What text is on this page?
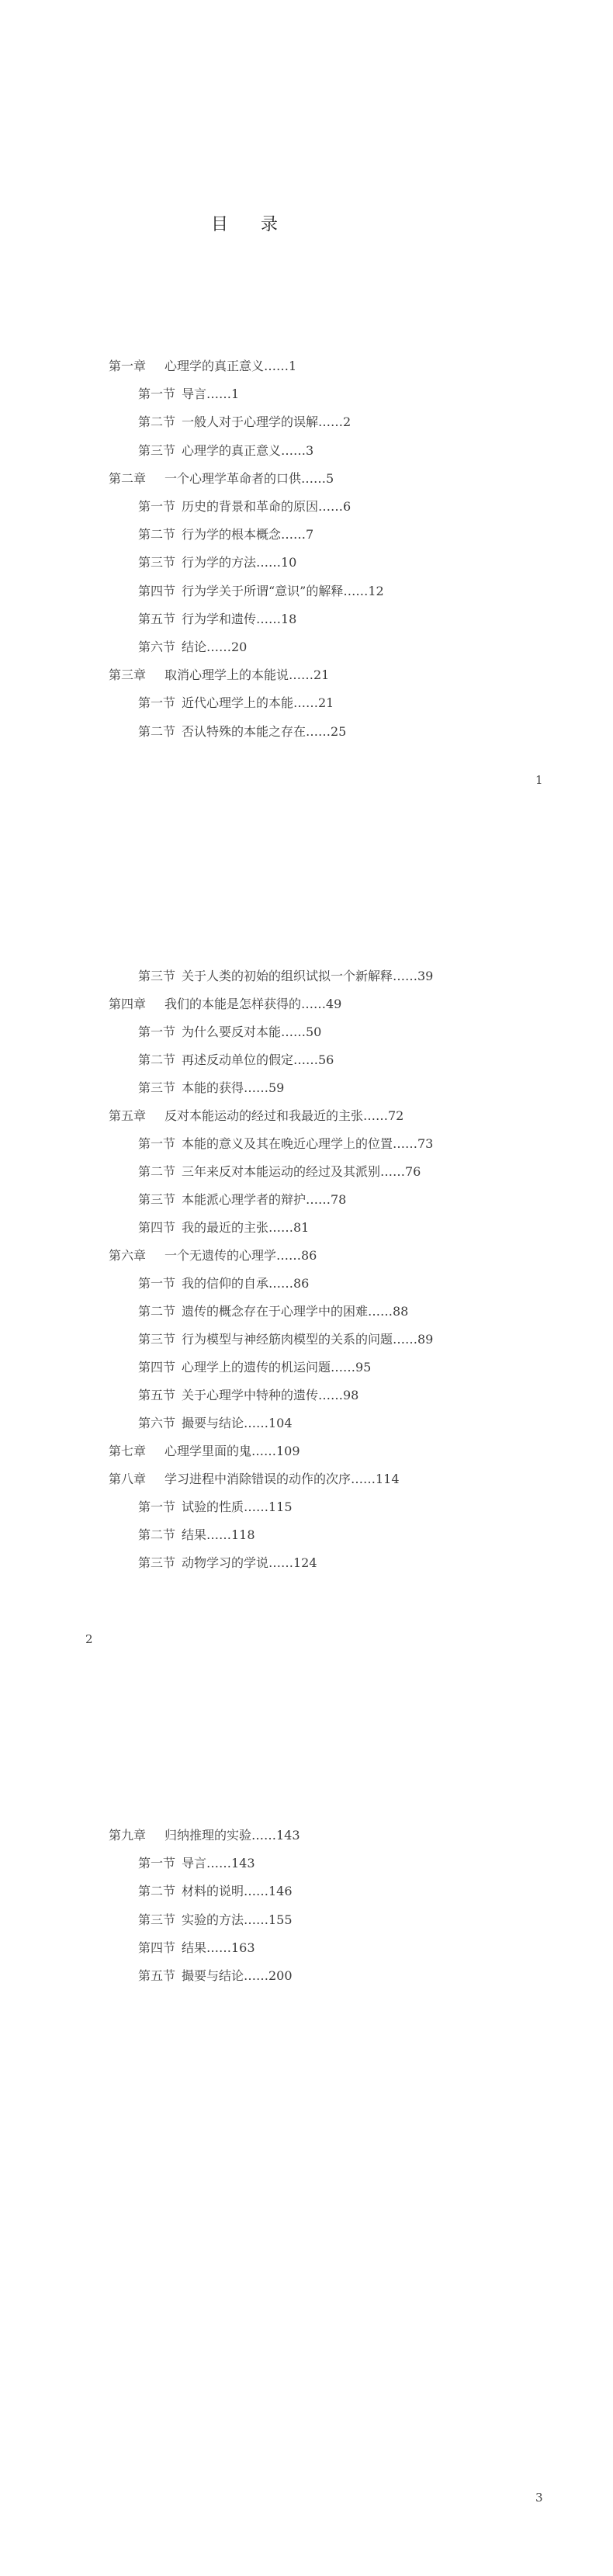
目　录
第一章 心理学的真正意义……1
第一节 导言……1
第二节 一般人对于心理学的误解……2
第三节 心理学的真正意义……3
第二章 一个心理学革命者的口供……5
第一节 历史的背景和革命的原因……6
第二节 行为学的根本概念……7
第三节 行为学的方法……10
第四节 行为学关于所谓“意识”的解释……12
第五节 行为学和遗传……18
第六节 结论……20
第三章 取消心理学上的本能说……21
第一节 近代心理学上的本能……21
第二节 否认特殊的本能之存在……25
第三节 关于人类的初始的组织试拟一个新解释……39
第四章 我们的本能是怎样获得的……49
第一节 为什么要反对本能……50
第二节 再述反动单位的假定……56
第三节 本能的获得……59
第五章 反对本能运动的经过和我最近的主张……72
第一节 本能的意义及其在晚近心理学上的位置……73
第二节 三年来反对本能运动的经过及其派别……76
第三节 本能派心理学者的辩护……78
第四节 我的最近的主张……81
第六章 一个无遗传的心理学……86
第一节 我的信仰的自承……86
第二节 遗传的概念存在于心理学中的困难……88
第三节 行为模型与神经筋肉模型的关系的问题……89
第四节 心理学上的遗传的机运问题……95
第五节 关于心理学中特种的遗传……98
第六节 撮要与结论……104
第七章 心理学里面的鬼……109
第八章 学习进程中消除错误的动作的次序……114
第一节 试验的性质……115
第二节 结果……118
第三节 动物学习的学说……124
第九章 归纳推理的实验……143
第一节 导言……143
第二节 材料的说明……146
第三节 实验的方法……155
第四节 结果……163
第五节 撮要与结论……200
1
2
3
